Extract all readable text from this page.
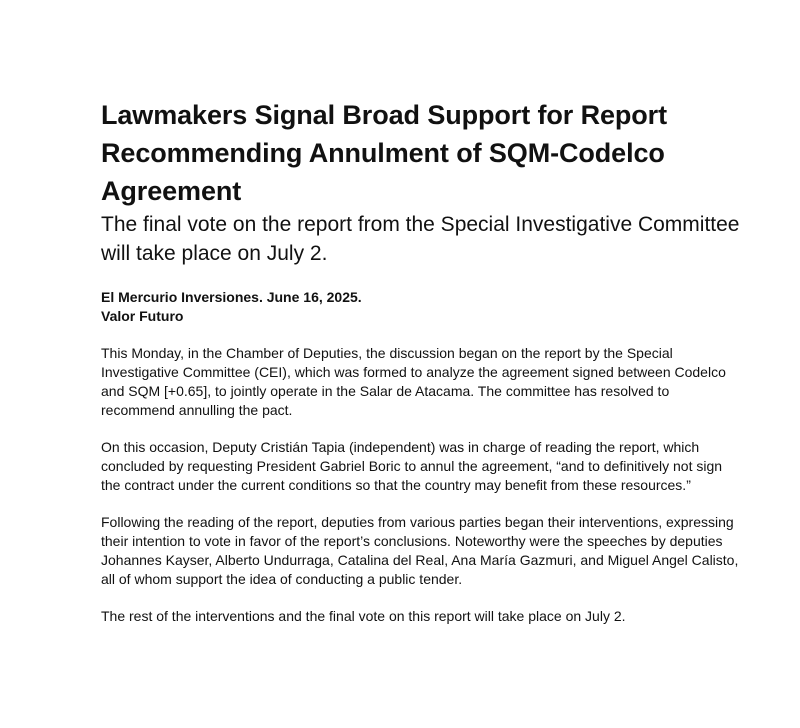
Lawmakers Signal Broad Support for Report Recommending Annulment of SQM-Codelco Agreement
The final vote on the report from the Special Investigative Committee will take place on July 2.
El Mercurio Inversiones. June 16, 2025.
Valor Futuro

This Monday, in the Chamber of Deputies, the discussion began on the report by the Special Investigative Committee (CEI), which was formed to analyze the agreement signed between Codelco and SQM [+0.65], to jointly operate in the Salar de Atacama. The committee has resolved to recommend annulling the pact.

On this occasion, Deputy Cristián Tapia (independent) was in charge of reading the report, which concluded by requesting President Gabriel Boric to annul the agreement, “and to definitively not sign the contract under the current conditions so that the country may benefit from these resources.”

Following the reading of the report, deputies from various parties began their interventions, expressing their intention to vote in favor of the report’s conclusions. Noteworthy were the speeches by deputies Johannes Kayser, Alberto Undurraga, Catalina del Real, Ana María Gazmuri, and Miguel Angel Calisto, all of whom support the idea of conducting a public tender.

The rest of the interventions and the final vote on this report will take place on July 2.
